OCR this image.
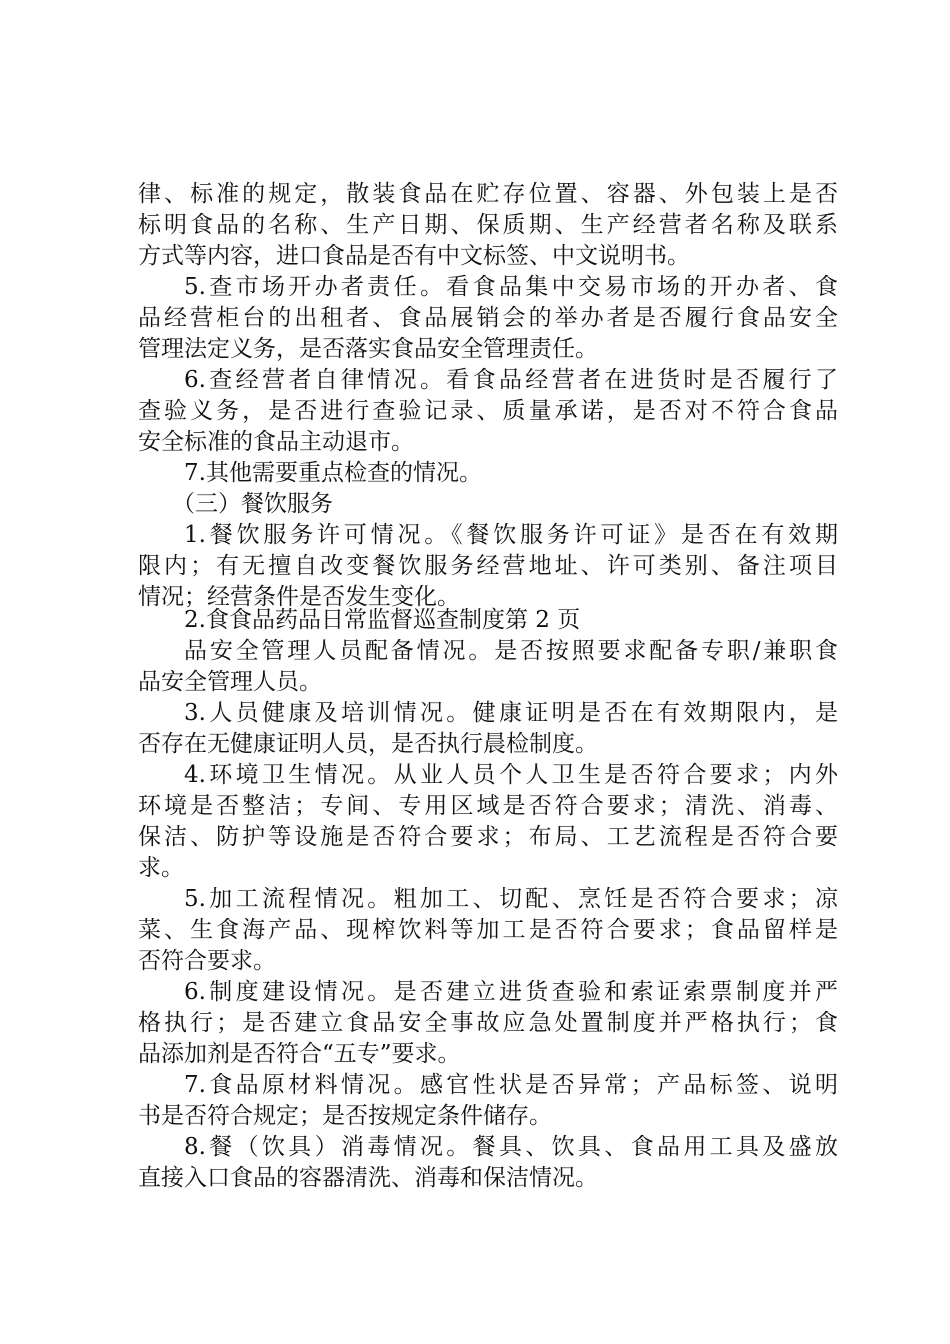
律、标准的规定，散装食品在贮存位置、容器、外包装上是否
标明食品的名称、生产日期、保质期、生产经营者名称及联系
方式等内容，进口食品是否有中文标签、中文说明书。
5.查市场开办者责任。看食品集中交易市场的开办者、食
品经营柜台的出租者、食品展销会的举办者是否履行食品安全
管理法定义务，是否落实食品安全管理责任。
6.查经营者自律情况。看食品经营者在进货时是否履行了
查验义务，是否进行查验记录、质量承诺，是否对不符合食品
安全标准的食品主动退市。
7.其他需要重点检查的情况。
（三）餐饮服务
1.餐饮服务许可情况。《餐饮服务许可证》是否在有效期
限内；有无擅自改变餐饮服务经营地址、许可类别、备注项目
情况；经营条件是否发生变化。
2.食食品药品日常监督巡查制度第 2 页
品安全管理人员配备情况。是否按照要求配备专职/兼职食
品安全管理人员。
3.人员健康及培训情况。健康证明是否在有效期限内，是
否存在无健康证明人员，是否执行晨检制度。
4.环境卫生情况。从业人员个人卫生是否符合要求；内外
环境是否整洁；专间、专用区域是否符合要求；清洗、消毒、
保洁、防护等设施是否符合要求；布局、工艺流程是否符合要
求。
5.加工流程情况。粗加工、切配、烹饪是否符合要求；凉
菜、生食海产品、现榨饮料等加工是否符合要求；食品留样是
否符合要求。
6.制度建设情况。是否建立进货查验和索证索票制度并严
格执行；是否建立食品安全事故应急处置制度并严格执行；食
品添加剂是否符合“五专”要求。
7.食品原材料情况。感官性状是否异常；产品标签、说明
书是否符合规定；是否按规定条件储存。
8.餐（饮具）消毒情况。餐具、饮具、食品用工具及盛放
直接入口食品的容器清洗、消毒和保洁情况。
